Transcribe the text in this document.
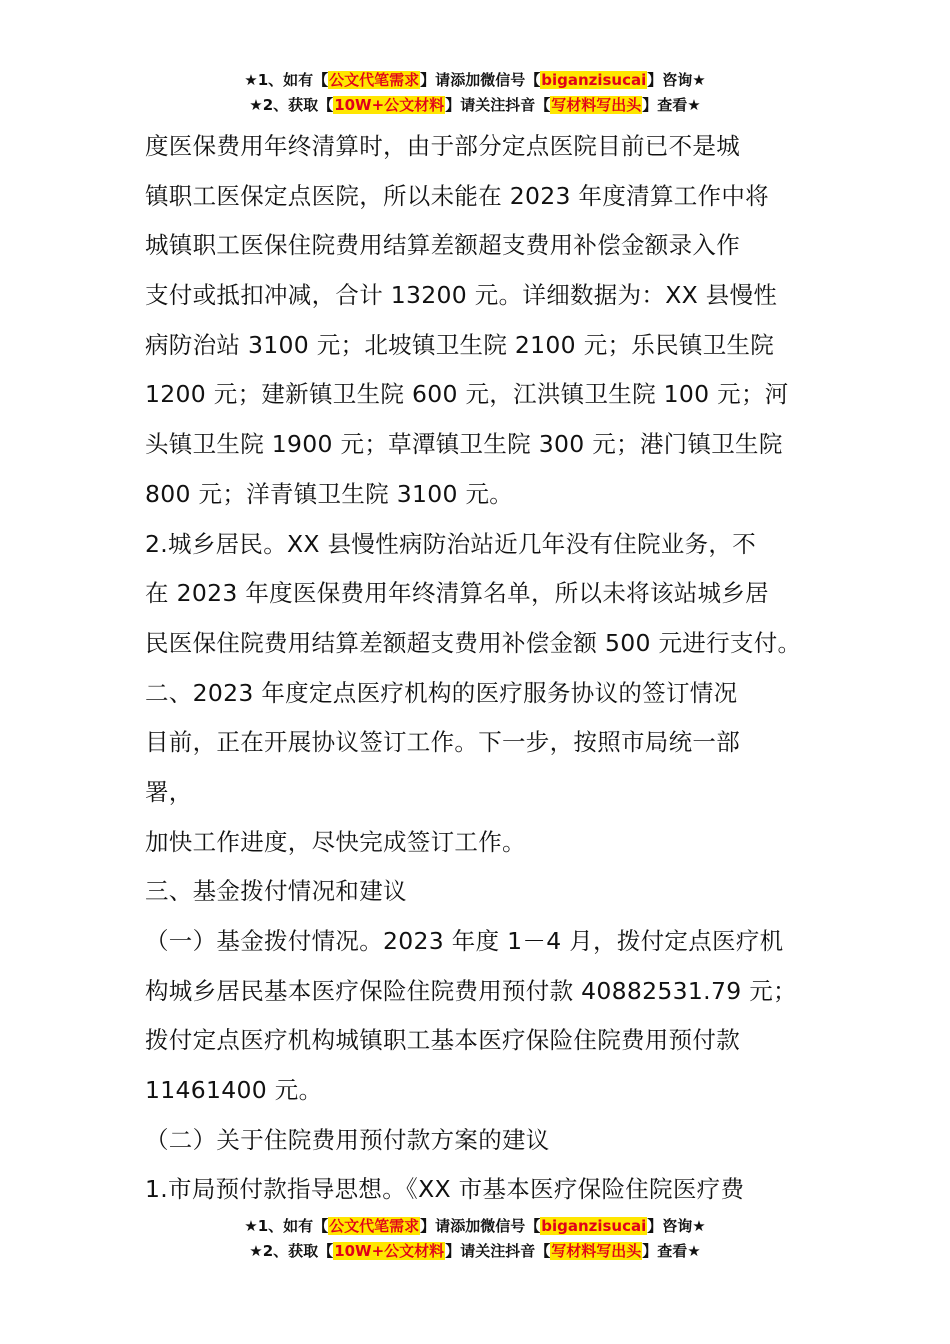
★1、如有【公文代笔需求】请添加微信号【biganzisucai】咨询★
★2、获取【10W+公文材料】请关注抖音【写材料写出头】查看★
度医保费用年终清算时，由于部分定点医院目前已不是城
镇职工医保定点医院，所以未能在 2023 年度清算工作中将
城镇职工医保住院费用结算差额超支费用补偿金额录入作
支付或抵扣冲减，合计 13200 元。详细数据为：XX 县慢性
病防治站 3100 元；北坡镇卫生院 2100 元；乐民镇卫生院
1200 元；建新镇卫生院 600 元，江洪镇卫生院 100 元；河
头镇卫生院 1900 元；草潭镇卫生院 300 元；港门镇卫生院
800 元；洋青镇卫生院 3100 元。
2.城乡居民。XX 县慢性病防治站近几年没有住院业务，不
在 2023 年度医保费用年终清算名单，所以未将该站城乡居
民医保住院费用结算差额超支费用补偿金额 500 元进行支付。
二、2023 年度定点医疗机构的医疗服务协议的签订情况
目前，正在开展协议签订工作。下一步，按照市局统一部
署，
加快工作进度，尽快完成签订工作。
三、基金拨付情况和建议
（一）基金拨付情况。2023 年度 1－4 月，拨付定点医疗机
构城乡居民基本医疗保险住院费用预付款 40882531.79 元；
拨付定点医疗机构城镇职工基本医疗保险住院费用预付款
11461400 元。
（二）关于住院费用预付款方案的建议
1.市局预付款指导思想。《XX 市基本医疗保险住院医疗费
★1、如有【公文代笔需求】请添加微信号【biganzisucai】咨询★
★2、获取【10W+公文材料】请关注抖音【写材料写出头】查看★
